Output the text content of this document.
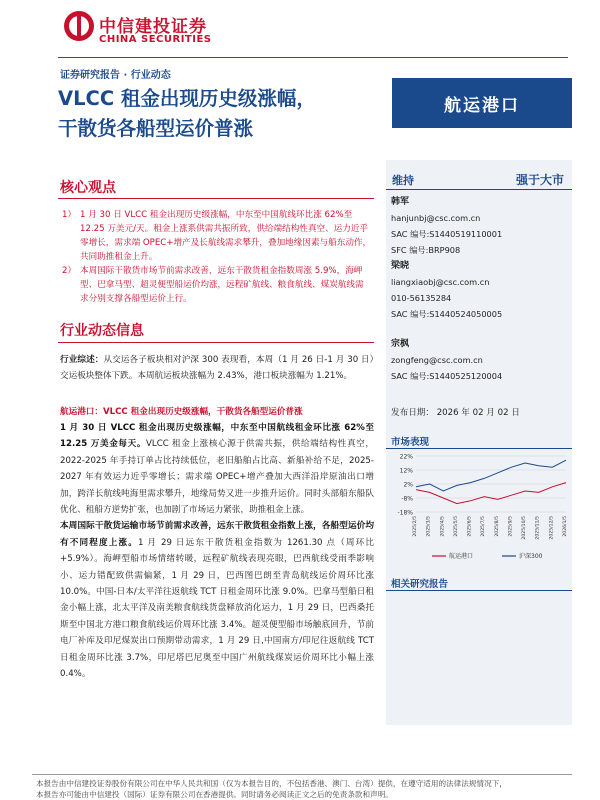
中信建投证券
CHINA SECURITIES
证券研究报告 · 行业动态
VLCC 租金出现历史级涨幅，
干散货各船型运价普涨
航运港口
核心观点
1） 1 月 30 日 VLCC 租金出现历史级涨幅，中东至中国航线环比涨 62%至 12.25 万美元/天。租金上涨系供需共振所致，供给端结构性真空、运力近乎零增长，需求端 OPEC+增产及长航线需求攀升，叠加地缘因素与船东动作，共同助推租金上升。
2） 本周国际干散货市场节前需求改善，远东干散货租金指数周涨 5.9%，海岬型、巴拿马型、超灵便型船运价均涨，远程矿航线、粮食航线、煤炭航线需求分别支撑各船型运价上行。
行业动态信息
行业综述：从交运各子板块相对沪深 300 表现看，本周（1 月 26 日-1 月 30 日）交运板块整体下跌。本周航运板块涨幅为 2.43%，港口板块涨幅为 1.21%。
航运港口：VLCC 租金出现历史级涨幅，干散货各船型运价普涨
1 月 30 日 VLCC 租金出现历史级涨幅，中东至中国航线租金环比涨 62%至 12.25 万美金每天。VLCC 租金上涨核心源于供需共振，供给端结构性真空，2022-2025 年手持订单占比持续低位，老旧船舶占比高、新船补给不足，2025-2027 年有效运力近乎零增长；需求端 OPEC+增产叠加大西洋沿岸原油出口增加，跨洋长航线吨海里需求攀升，地缘局势又进一步推升运价。同时头部船东船队优化、租船方逆势扩张，也加剧了市场运力紧张，助推租金上涨。
本周国际干散货运输市场节前需求改善，远东干散货租金指数上涨，各船型运价均有不同程度上涨。1 月 29 日远东干散货租金指数为 1261.30 点（周环比+5.9%）。海岬型船市场情绪转暖，远程矿航线表现亮眼，巴西航线受雨季影响小、运力错配致供需偏紧，1 月 29 日，巴西图巴朗至青岛航线运价周环比涨 10.0%。中国-日本/太平洋往返航线 TCT 日租金周环比涨 9.0%。巴拿马型船日租金小幅上涨，北太平洋及南美粮食航线货盘释放消化运力，1 月 29 日，巴西桑托斯至中国北方港口粮食航线运价周环比涨 3.4%。超灵便型船市场触底回升，节前电厂补库及印尼煤炭出口预期带动需求，1 月 29 日,中国南方/印尼往返航线 TCT 日租金周环比涨 3.7%，印尼塔巴尼奥至中国广州航线煤炭运价周环比小幅上涨 0.4%。
维持	强于大市
韩军
hanjunbj@csc.com.cn
SAC 编号:S1440519110001
SFC 编号:BRP908
梁晓
liangxiaobj@csc.com.cn
010-56135284
SAC 编号:S1440524050005
宗枫
zongfeng@csc.com.cn
SAC 编号:S1440525120004
发布日期： 2026 年 02 月 02 日
市场表现
22%
12%
2%
-8%
-18%
2025/2/5 2025/3/5 2025/4/5 2025/5/5 2025/6/5 2025/7/5 2025/8/5 2025/9/5 2025/10/5 2025/11/5 2025/12/5 2026/1/5
航运港口	沪深300
相关研究报告
本报告由中信建投证券股份有限公司在中华人民共和国（仅为本报告目的，不包括香港、澳门、台湾）提供，在遵守适用的法律法规情况下，
本报告亦可能由中信建投（国际）证券有限公司在香港提供。同时请务必阅读正文之后的免责条款和声明。
